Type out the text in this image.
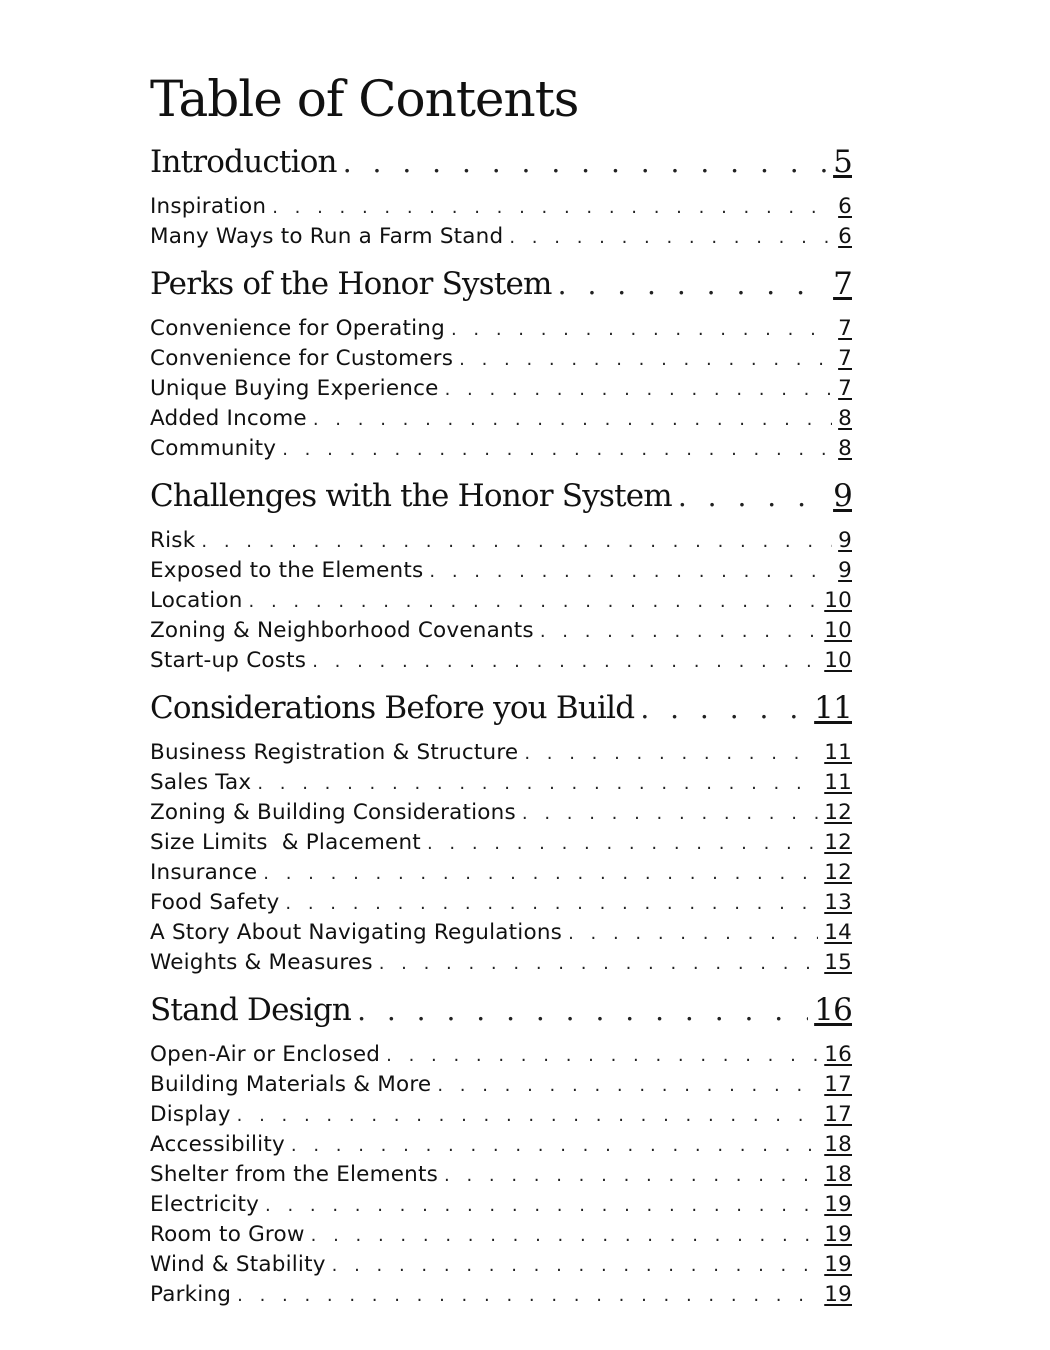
Table of Contents
Introduction . . .	5
Inspiration . . .	6
Many Ways to Run a Farm Stand . . .	6
Perks of the Honor System . . .	7
Convenience for Operating . . .	7
Convenience for Customers . . .	7
Unique Buying Experience . . .	7
Added Income . . .	8
Community . . .	8
Challenges with the Honor System . . .	9
Risk . . .	9
Exposed to the Elements . . .	9
Location . . .	10
Zoning & Neighborhood Covenants . . .	10
Start-up Costs . . .	10
Considerations Before you Build . . .	11
Business Registration & Structure . . .	11
Sales Tax . . .	11
Zoning & Building Considerations . . .	12
Size Limits  & Placement . . .	12
Insurance . . .	12
Food Safety . . .	13
A Story About Navigating Regulations . . .	14
Weights & Measures . . .	15
Stand Design . . .	16
Open-Air or Enclosed . . .	16
Building Materials & More . . .	17
Display . . .	17
Accessibility . . .	18
Shelter from the Elements . . .	18
Electricity . . .	19
Room to Grow . . .	19
Wind & Stability . . .	19
Parking . . .	19
